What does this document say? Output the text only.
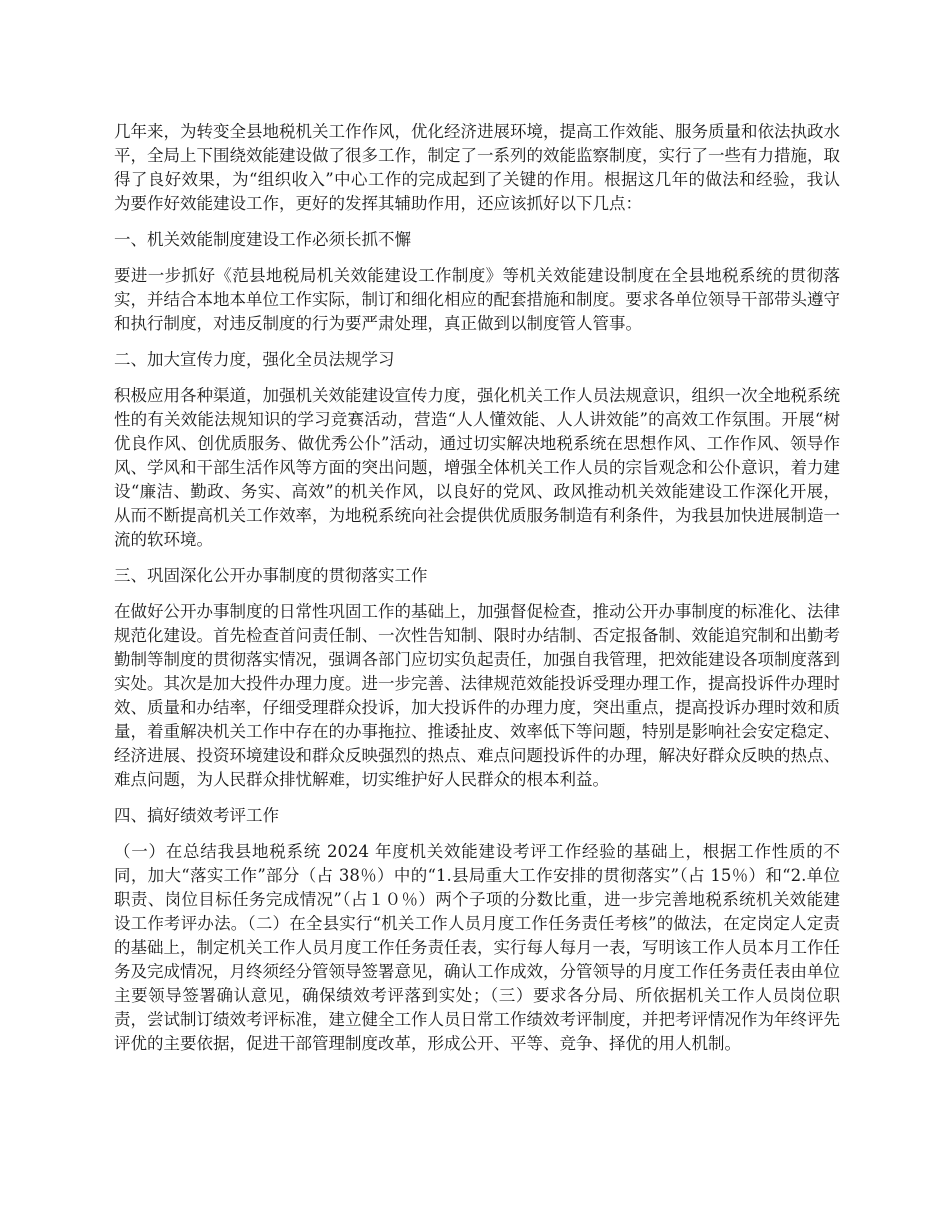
几年来，为转变全县地税机关工作作风，优化经济进展环境，提高工作效能、服务质量和依法执政水平，全局上下围绕效能建设做了很多工作，制定了一系列的效能监察制度，实行了一些有力措施，取得了良好效果，为“组织收入”中心工作的完成起到了关键的作用。根据这几年的做法和经验，我认为要作好效能建设工作，更好的发挥其辅助作用，还应该抓好以下几点：

一、机关效能制度建设工作必须长抓不懈

要进一步抓好《范县地税局机关效能建设工作制度》等机关效能建设制度在全县地税系统的贯彻落实，并结合本地本单位工作实际，制订和细化相应的配套措施和制度。要求各单位领导干部带头遵守和执行制度，对违反制度的行为要严肃处理，真正做到以制度管人管事。

二、加大宣传力度，强化全员法规学习

积极应用各种渠道，加强机关效能建设宣传力度，强化机关工作人员法规意识，组织一次全地税系统性的有关效能法规知识的学习竞赛活动，营造“人人懂效能、人人讲效能”的高效工作氛围。开展“树优良作风、创优质服务、做优秀公仆”活动，通过切实解决地税系统在思想作风、工作作风、领导作风、学风和干部生活作风等方面的突出问题，增强全体机关工作人员的宗旨观念和公仆意识，着力建设“廉洁、勤政、务实、高效”的机关作风，以良好的党风、政风推动机关效能建设工作深化开展，从而不断提高机关工作效率，为地税系统向社会提供优质服务制造有利条件，为我县加快进展制造一流的软环境。

三、巩固深化公开办事制度的贯彻落实工作

在做好公开办事制度的日常性巩固工作的基础上，加强督促检查，推动公开办事制度的标准化、法律规范化建设。首先检查首问责任制、一次性告知制、限时办结制、否定报备制、效能追究制和出勤考勤制等制度的贯彻落实情况，强调各部门应切实负起责任，加强自我管理，把效能建设各项制度落到实处。其次是加大投件办理力度。进一步完善、法律规范效能投诉受理办理工作，提高投诉件办理时效、质量和办结率，仔细受理群众投诉，加大投诉件的办理力度，突出重点，提高投诉办理时效和质量，着重解决机关工作中存在的办事拖拉、推诿扯皮、效率低下等问题，特别是影响社会安定稳定、经济进展、投资环境建设和群众反映强烈的热点、难点问题投诉件的办理，解决好群众反映的热点、难点问题，为人民群众排忧解难，切实维护好人民群众的根本利益。

四、搞好绩效考评工作

（一）在总结我县地税系统 2024 年度机关效能建设考评工作经验的基础上，根据工作性质的不同，加大“落实工作”部分（占 38％）中的“1.县局重大工作安排的贯彻落实”（占 15％）和“2.单位职责、岗位目标任务完成情况”（占１０％）两个子项的分数比重，进一步完善地税系统机关效能建设工作考评办法。（二）在全县实行“机关工作人员月度工作任务责任考核”的做法，在定岗定人定责的基础上，制定机关工作人员月度工作任务责任表，实行每人每月一表，写明该工作人员本月工作任务及完成情况，月终须经分管领导签署意见，确认工作成效，分管领导的月度工作任务责任表由单位主要领导签署确认意见，确保绩效考评落到实处；（三）要求各分局、所依据机关工作人员岗位职责，尝试制订绩效考评标准，建立健全工作人员日常工作绩效考评制度，并把考评情况作为年终评先评优的主要依据，促进干部管理制度改革，形成公开、平等、竞争、择优的用人机制。
